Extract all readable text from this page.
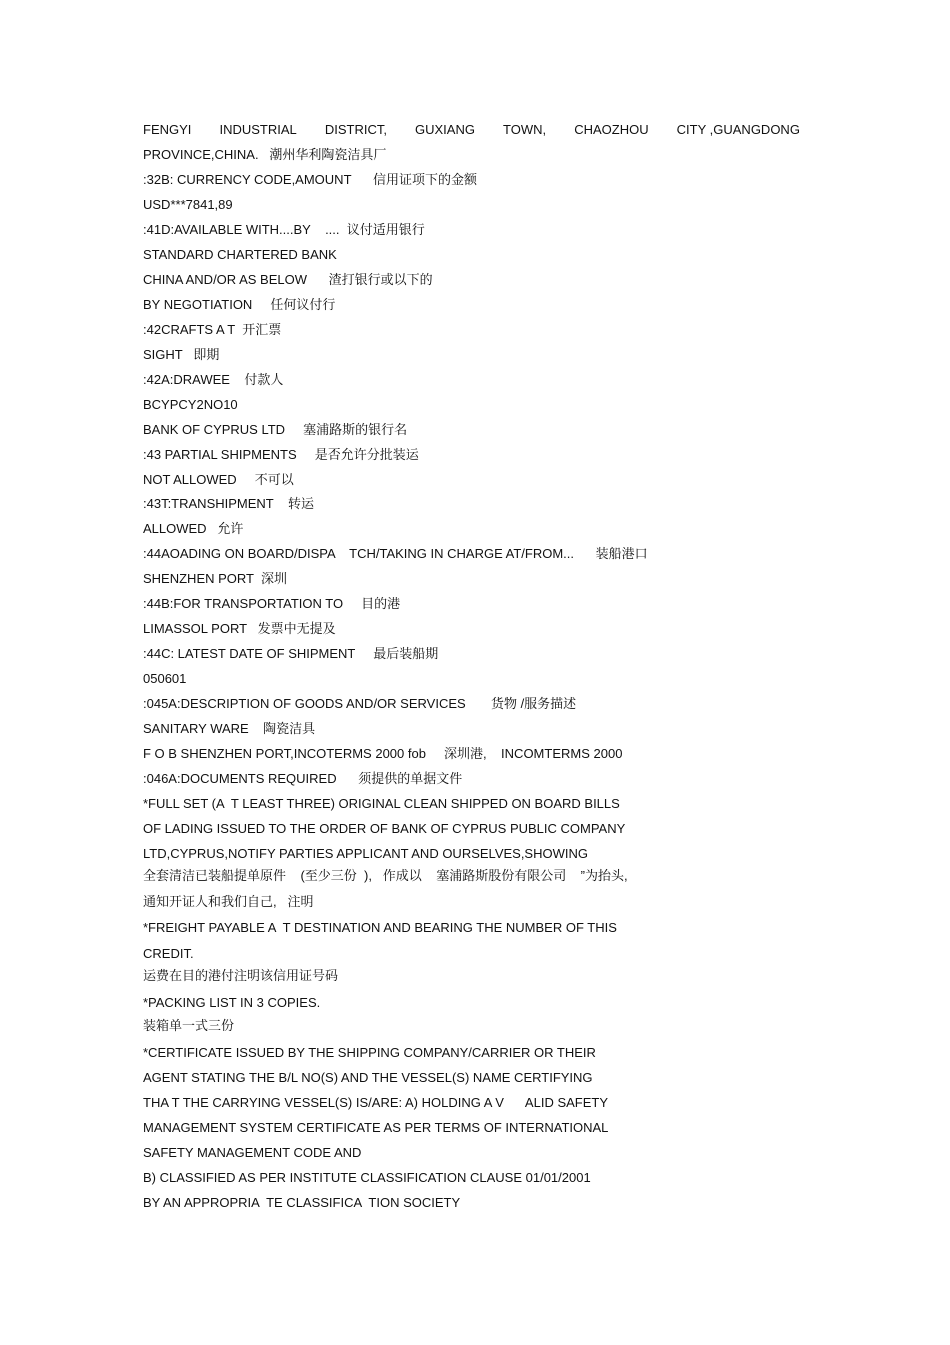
FENGYI INDUSTRIAL DISTRICT, GUXIANG TOWN, CHAOZHOU CITY ,GUANGDONG
PROVINCE,CHINA.   潮州华利陶瓷洁具厂
:32B: CURRENCY CODE,AMOUNT      信用证项下的金额
USD***7841,89
:41D:AVAILABLE WITH....BY    ....  议付适用银行
STANDARD CHARTERED BANK
CHINA AND/OR AS BELOW      渣打银行或以下的
BY NEGOTIATION     任何议付行
:42CRAFTS A T  开汇票
SIGHT   即期
:42A:DRAWEE    付款人
BCYPCY2NO10
BANK OF CYPRUS LTD     塞浦路斯的银行名
:43 PARTIAL SHIPMENTS     是否允许分批装运
NOT ALLOWED     不可以
:43T:TRANSHIPMENT    转运
ALLOWED   允许
:44AOADING ON BOARD/DISPA    TCH/TAKING IN CHARGE AT/FROM...      装船港口
SHENZHEN PORT  深圳
:44B:FOR TRANSPORTATION TO     目的港
LIMASSOL PORT   发票中无提及
:44C: LATEST DATE OF SHIPMENT     最后装船期
050601
:045A:DESCRIPTION OF GOODS AND/OR SERVICES       货物 /服务描述
SANITARY WARE    陶瓷洁具
F O B SHENZHEN PORT,INCOTERMS 2000 fob     深圳港,    INCOMTERMS 2000
:046A:DOCUMENTS REQUIRED      须提供的单据文件
*FULL SET (A  T LEAST THREE) ORIGINAL CLEAN SHIPPED ON BOARD BILLS
OF LADING ISSUED TO THE ORDER OF BANK OF CYPRUS PUBLIC COMPANY
LTD,CYPRUS,NOTIFY PARTIES APPLICANT AND OURSELVES,SHOWING
全套清洁已装船提单原件    (至少三份  ),   作成以    塞浦路斯股份有限公司    ”为抬头,
通知开证人和我们自己,   注明
*FREIGHT PAYABLE A  T DESTINATION AND BEARING THE NUMBER OF THIS
CREDIT.
运费在目的港付注明该信用证号码
*PACKING LIST IN 3 COPIES.
装箱单一式三份
*CERTIFICATE ISSUED BY THE SHIPPING COMPANY/CARRIER OR THEIR
AGENT STATING THE B/L NO(S) AND THE VESSEL(S) NAME CERTIFYING
THA T THE CARRYING VESSEL(S) IS/ARE: A) HOLDING A V      ALID SAFETY
MANAGEMENT SYSTEM CERTIFICATE AS PER TERMS OF INTERNATIONAL
SAFETY MANAGEMENT CODE AND
B) CLASSIFIED AS PER INSTITUTE CLASSIFICATION CLAUSE 01/01/2001
BY AN APPROPRIA  TE CLASSIFICA  TION SOCIETY
